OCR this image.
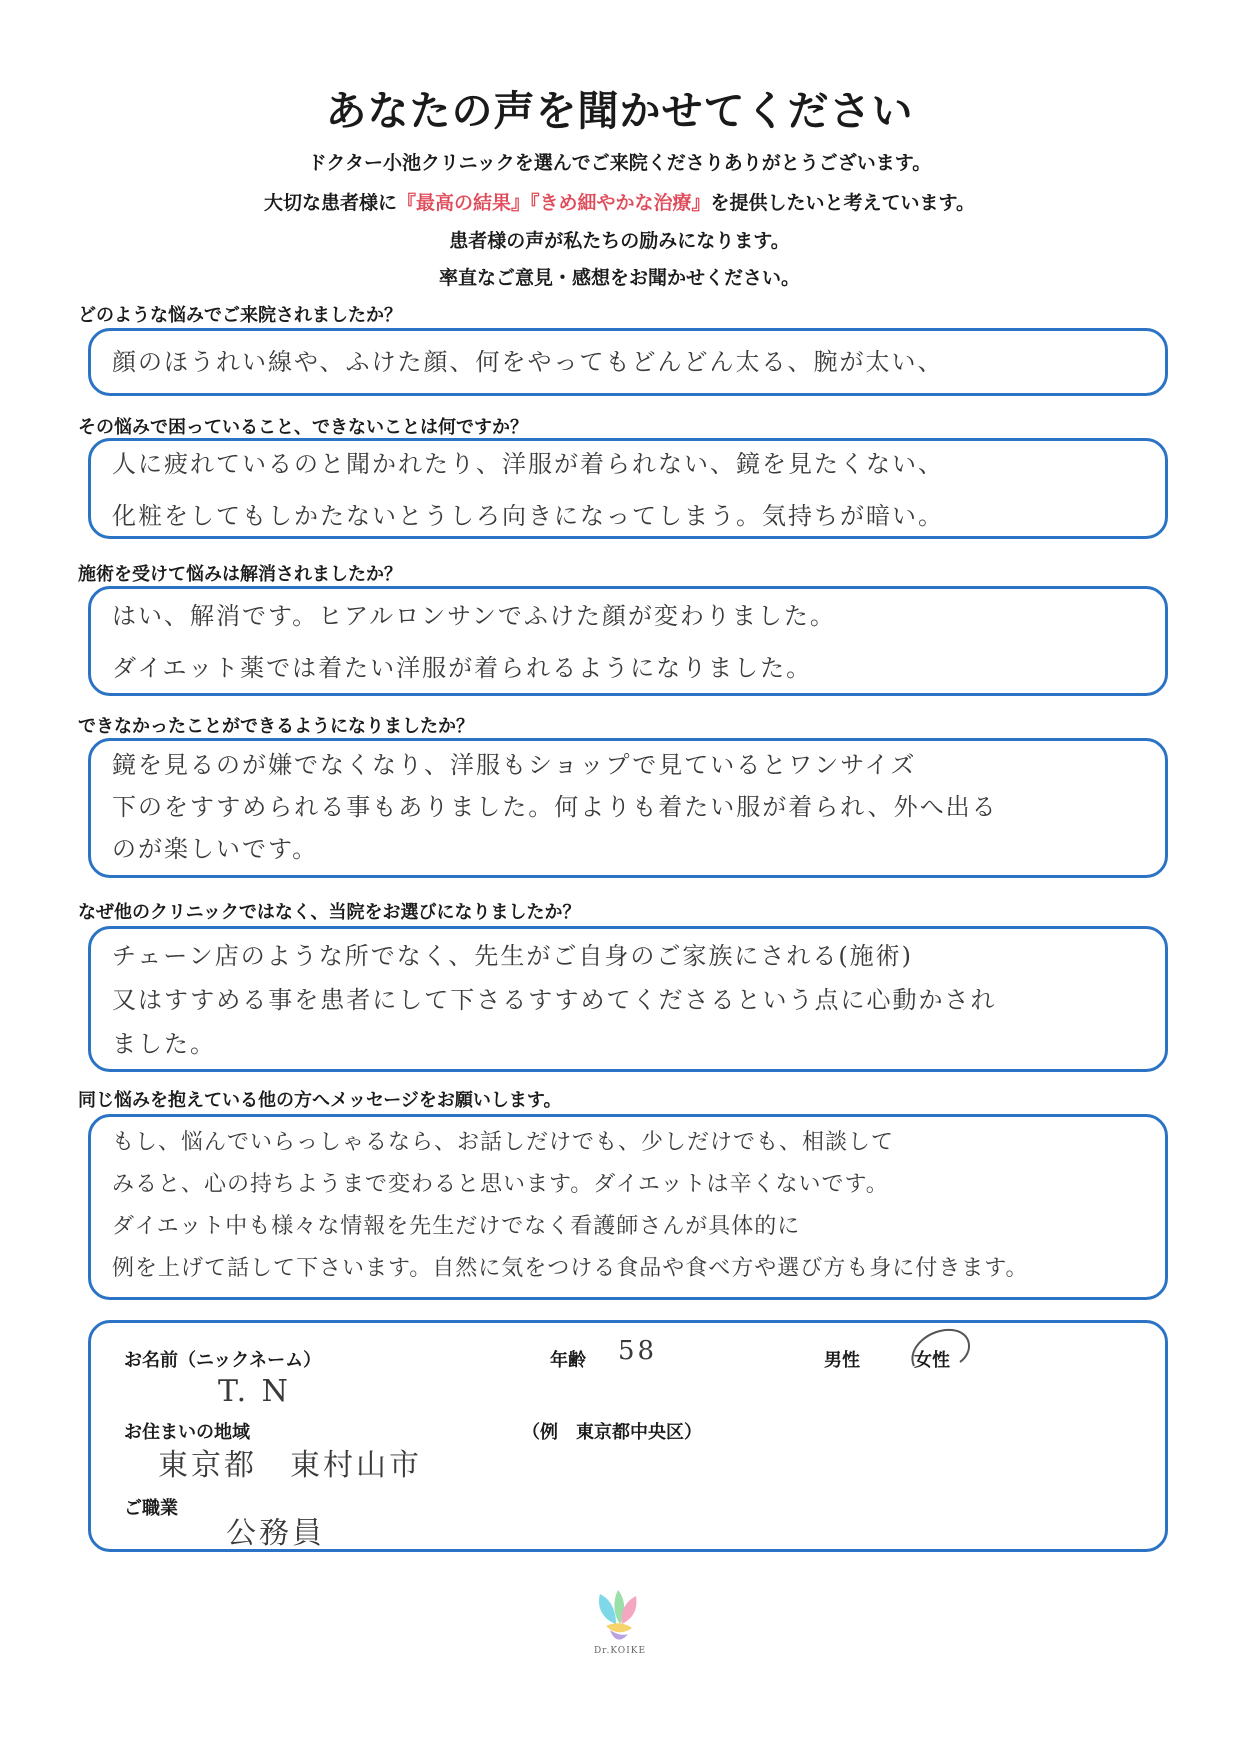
あなたの声を聞かせてください
ドクター小池クリニックを選んでご来院くださりありがとうございます。
大切な患者様に『最高の結果』『きめ細やかな治療』を提供したいと考えています。
患者様の声が私たちの励みになります。
率直なご意見・感想をお聞かせください。
どのような悩みでご来院されましたか？
顔のほうれい線や、ふけた顔、何をやってもどんどん太る、腕が太い、
その悩みで困っていること、できないことは何ですか？
人に疲れているのと聞かれたり、洋服が着られない、鏡を見たくない、
化粧をしてもしかたないとうしろ向きになってしまう。気持ちが暗い。
施術を受けて悩みは解消されましたか？
はい、解消です。ヒアルロンサンでふけた顔が変わりました。
ダイエット薬では着たい洋服が着られるようになりました。
できなかったことができるようになりましたか？
鏡を見るのが嫌でなくなり、洋服もショップで見ているとワンサイズ
下のをすすめられる事もありました。何よりも着たい服が着られ、外へ出る
のが楽しいです。
なぜ他のクリニックではなく、当院をお選びになりましたか？
チェーン店のような所でなく、先生がご自身のご家族にされる(施術)
又はすすめる事を患者にして下さるすすめてくださるという点に心動かされ
ました。
同じ悩みを抱えている他の方へメッセージをお願いします。
もし、悩んでいらっしゃるなら、お話しだけでも、少しだけでも、相談して
みると、心の持ちようまで変わると思います。ダイエットは辛くないです。
ダイエット中も様々な情報を先生だけでなく看護師さんが具体的に
例を上げて話して下さいます。自然に気をつける食品や食べ方や選び方も身に付きます。
お名前（ニックネーム）
T. N
年齢 58	男性	女性
お住まいの地域	（例　東京都中央区）
東京都　東村山市
ご職業
公務員
Dr.KOIKE
